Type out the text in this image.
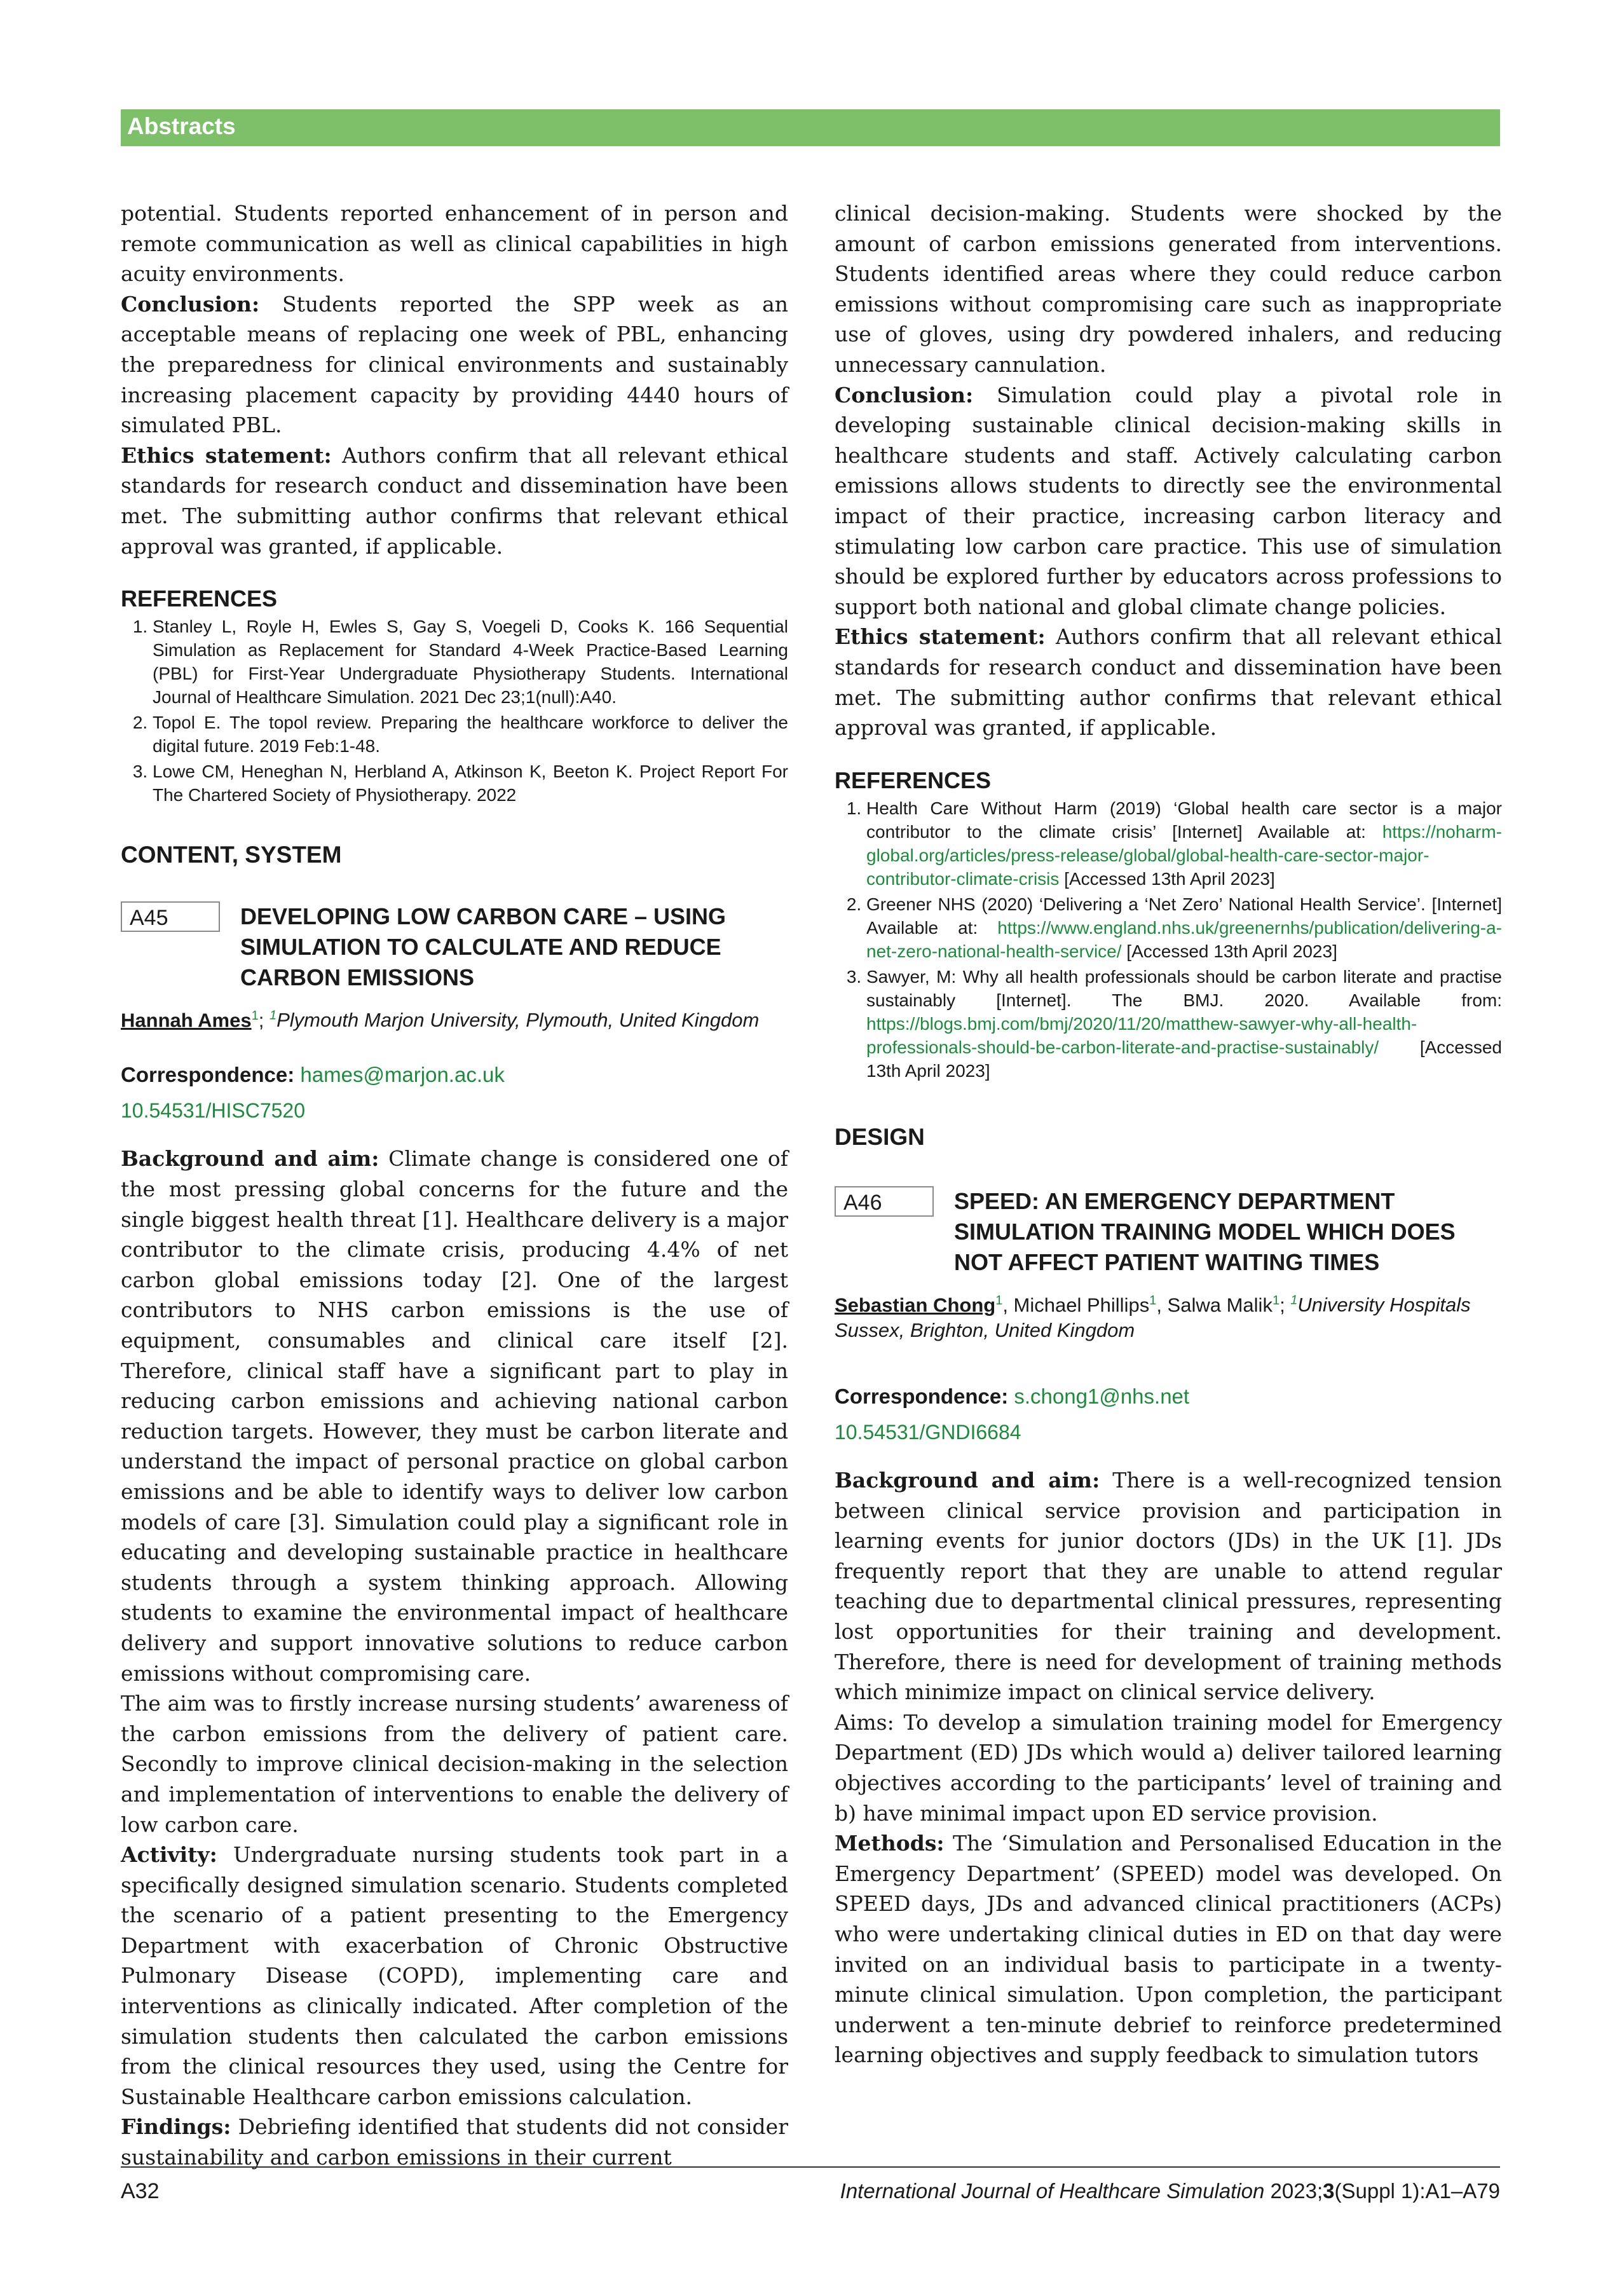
Abstracts

potential. Students reported enhancement of in person and remote communication as well as clinical capabilities in high acuity environments.

Conclusion: Students reported the SPP week as an acceptable means of replacing one week of PBL, enhancing the preparedness for clinical environments and sustainably increasing placement capacity by providing 4440 hours of simulated PBL.

Ethics statement: Authors confirm that all relevant ethical standards for research conduct and dissemination have been met. The submitting author confirms that relevant ethical approval was granted, if applicable.

REFERENCES
1. Stanley L, Royle H, Ewles S, Gay S, Voegeli D, Cooks K. 166 Sequential Simulation as Replacement for Standard 4-Week Practice-Based Learning (PBL) for First-Year Undergraduate Physiotherapy Students. International Journal of Healthcare Simulation. 2021 Dec 23;1(null):A40.
2. Topol E. The topol review. Preparing the healthcare workforce to deliver the digital future. 2019 Feb:1-48.
3. Lowe CM, Heneghan N, Herbland A, Atkinson K, Beeton K. Project Report For The Chartered Society of Physiotherapy. 2022
CONTENT, SYSTEM
A45	DEVELOPING LOW CARBON CARE – USING SIMULATION TO CALCULATE AND REDUCE CARBON EMISSIONS

Hannah Ames$^1$; $^1$Plymouth Marjon University, Plymouth, United Kingdom

Correspondence: hames@marjon.ac.uk

10.54531/HISC7520

Background and aim: Climate change is considered one of the most pressing global concerns for the future and the single biggest health threat [1]. Healthcare delivery is a major contributor to the climate crisis, producing 4.4% of net carbon global emissions today [2]. One of the largest contributors to NHS carbon emissions is the use of equipment, consumables and clinical care itself [2]. Therefore, clinical staff have a significant part to play in reducing carbon emissions and achieving national carbon reduction targets. However, they must be carbon literate and understand the impact of personal practice on global carbon emissions and be able to identify ways to deliver low carbon models of care [3]. Simulation could play a significant role in educating and developing sustainable practice in healthcare students through a system thinking approach. Allowing students to examine the environmental impact of healthcare delivery and support innovative solutions to reduce carbon emissions without compromising care.

The aim was to firstly increase nursing students’ awareness of the carbon emissions from the delivery of patient care. Secondly to improve clinical decision-making in the selection and implementation of interventions to enable the delivery of low carbon care.

Activity: Undergraduate nursing students took part in a specifically designed simulation scenario. Students completed the scenario of a patient presenting to the Emergency Department with exacerbation of Chronic Obstructive Pulmonary Disease (COPD), implementing care and interventions as clinically indicated. After completion of the simulation students then calculated the carbon emissions from the clinical resources they used, using the Centre for Sustainable Healthcare carbon emissions calculation.

Findings: Debriefing identified that students did not consider sustainability and carbon emissions in their current

clinical decision-making. Students were shocked by the amount of carbon emissions generated from interventions. Students identified areas where they could reduce carbon emissions without compromising care such as inappropriate use of gloves, using dry powdered inhalers, and reducing unnecessary cannulation.

Conclusion: Simulation could play a pivotal role in developing sustainable clinical decision-making skills in healthcare students and staff. Actively calculating carbon emissions allows students to directly see the environmental impact of their practice, increasing carbon literacy and stimulating low carbon care practice. This use of simulation should be explored further by educators across professions to support both national and global climate change policies.

Ethics statement: Authors confirm that all relevant ethical standards for research conduct and dissemination have been met. The submitting author confirms that relevant ethical approval was granted, if applicable.

REFERENCES
1. Health Care Without Harm (2019) ‘Global health care sector is a major contributor to the climate crisis’ [Internet] Available at: https://noharm-global.org/articles/press-release/global/global-health-care-sector-major-contributor-climate-crisis [Accessed 13th April 2023]
2. Greener NHS (2020) ‘Delivering a ‘Net Zero’ National Health Service’. [Internet] Available at: https://www.england.nhs.uk/greenernhs/publication/delivering-a-net-zero-national-health-service/ [Accessed 13th April 2023]
3. Sawyer, M: Why all health professionals should be carbon literate and practise sustainably [Internet]. The BMJ. 2020. Available from: https://blogs.bmj.com/bmj/2020/11/20/matthew-sawyer-why-all-health-professionals-should-be-carbon-literate-and-practise-sustainably/ [Accessed 13th April 2023]
DESIGN
A46	SPEED: AN EMERGENCY DEPARTMENT SIMULATION TRAINING MODEL WHICH DOES NOT AFFECT PATIENT WAITING TIMES

Sebastian Chong$^1$, Michael Phillips$^1$, Salwa Malik$^1$; $^1$University Hospitals Sussex, Brighton, United Kingdom

Correspondence: s.chong1@nhs.net

10.54531/GNDI6684

Background and aim: There is a well-recognized tension between clinical service provision and participation in learning events for junior doctors (JDs) in the UK [1]. JDs frequently report that they are unable to attend regular teaching due to departmental clinical pressures, representing lost opportunities for their training and development. Therefore, there is need for development of training methods which minimize impact on clinical service delivery.

Aims: To develop a simulation training model for Emergency Department (ED) JDs which would a) deliver tailored learning objectives according to the participants’ level of training and b) have minimal impact upon ED service provision.

Methods: The ‘Simulation and Personalised Education in the Emergency Department’ (SPEED) model was developed. On SPEED days, JDs and advanced clinical practitioners (ACPs) who were undertaking clinical duties in ED on that day were invited on an individual basis to participate in a twenty-minute clinical simulation. Upon completion, the participant underwent a ten-minute debrief to reinforce predetermined learning objectives and supply feedback to simulation tutors

A32	International Journal of Healthcare Simulation 2023;3(Suppl 1):A1–A79
